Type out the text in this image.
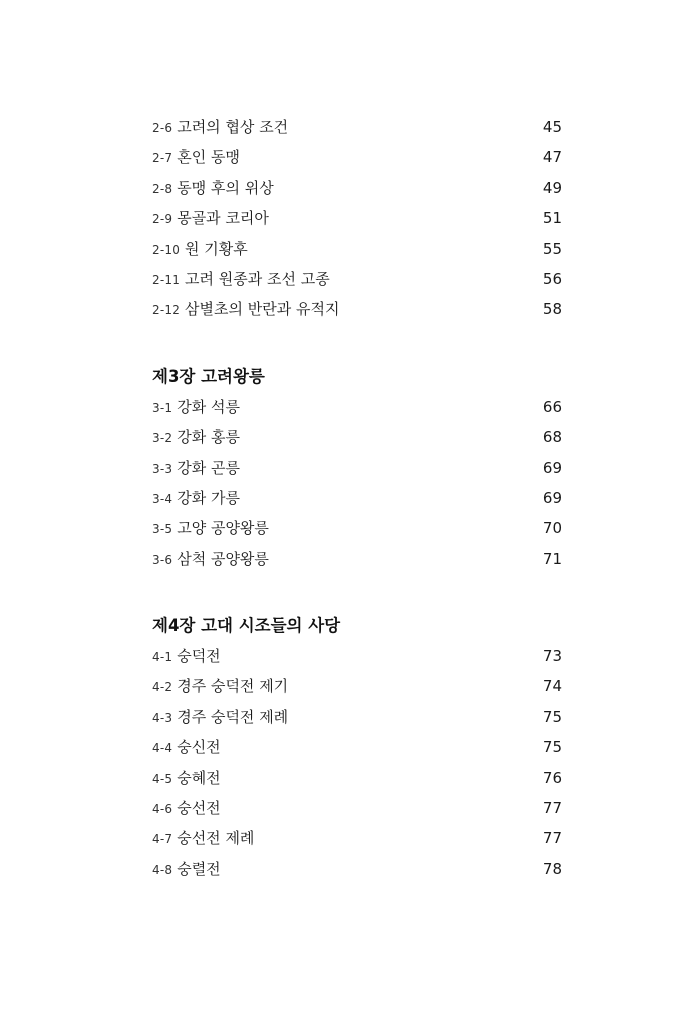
2-6 고려의 협상 조건	45
2-7 혼인 동맹	47
2-8 동맹 후의 위상	49
2-9 몽골과 코리아	51
2-10 원 기황후	55
2-11 고려 원종과 조선 고종	56
2-12 삼별초의 반란과 유적지	58
제3장 고려왕릉
3-1 강화 석릉	66
3-2 강화 홍릉	68
3-3 강화 곤릉	69
3-4 강화 가릉	69
3-5 고양 공양왕릉	70
3-6 삼척 공양왕릉	71
제4장 고대 시조들의 사당
4-1 숭덕전	73
4-2 경주 숭덕전 제기	74
4-3 경주 숭덕전 제례	75
4-4 숭신전	75
4-5 숭혜전	76
4-6 숭선전	77
4-7 숭선전 제례	77
4-8 숭렬전	78
